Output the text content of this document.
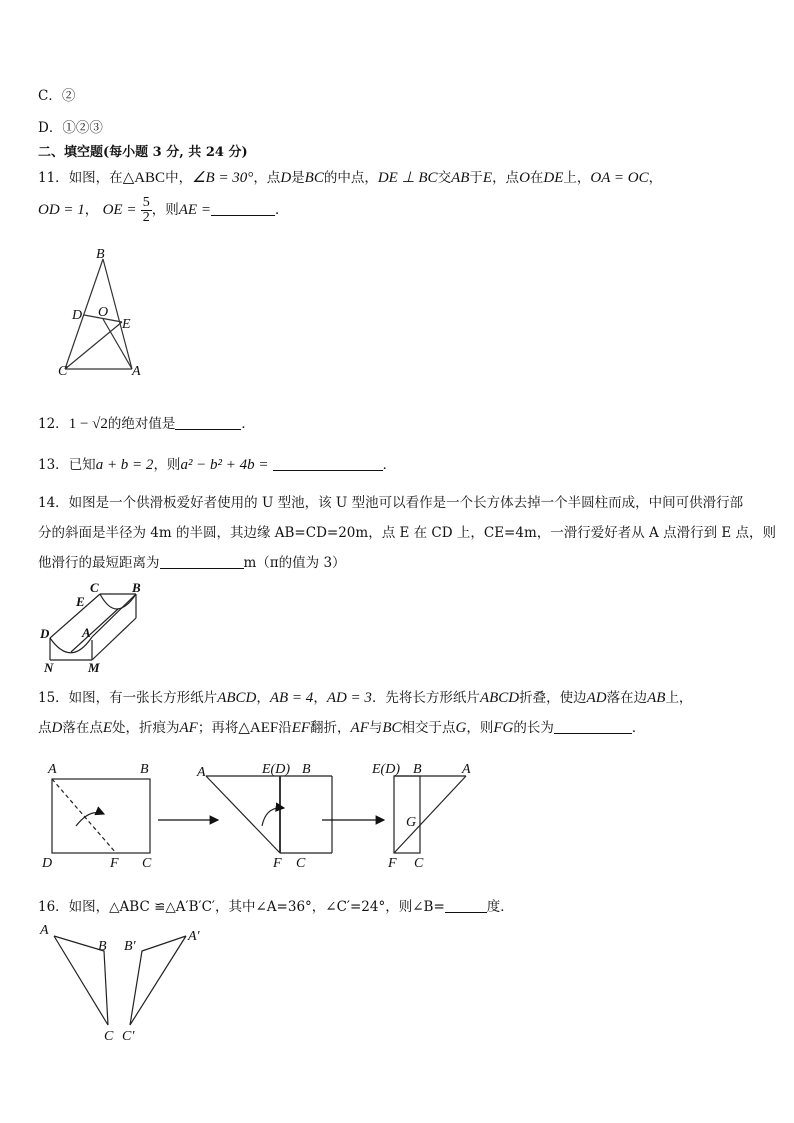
C．②
D．①②③
二、填空题(每小题 3 分, 共 24 分)
11．如图，在△ABC中，∠B = 30°，点D是BC的中点，DE ⊥ BC交AB于E，点O在DE上，OA = OC，
OD = 1， OE = $\frac{5}{2}$ ，则AE =	．
B
D O
E
C	A
12．1 − √2的绝对值是	．
13．已知a + b = 2，则a² − b² + 4b =	．
14．如图是一个供滑板爱好者使用的 U 型池，该 U 型池可以看作是一个长方体去掉一个半圆柱而成，中间可供滑行部
分的斜面是半径为 4m 的半圆，其边缘 AB=CD=20m，点 E 在 CD 上，CE=4m，一滑行爱好者从 A 点滑行到 E 点，则
他滑行的最短距离为	m（π的值为 3）
C	B
E
D	A
N	M
15．如图，有一张长方形纸片ABCD，AB = 4，AD = 3．先将长方形纸片ABCD折叠，使边AD落在边AB上，
点D落在点E处，折痕为AF；再将△AEF沿EF翻折，AF与BC相交于点G，则FG的长为	．
A	B
D	F C
A	E(D) B
F C
E(D) B	A
G
F C
16．如图，△ABC ≌△A′B′C′，其中∠A=36°，∠C′=24°，则∠B=	度．
A
B B′
A′
C C′
